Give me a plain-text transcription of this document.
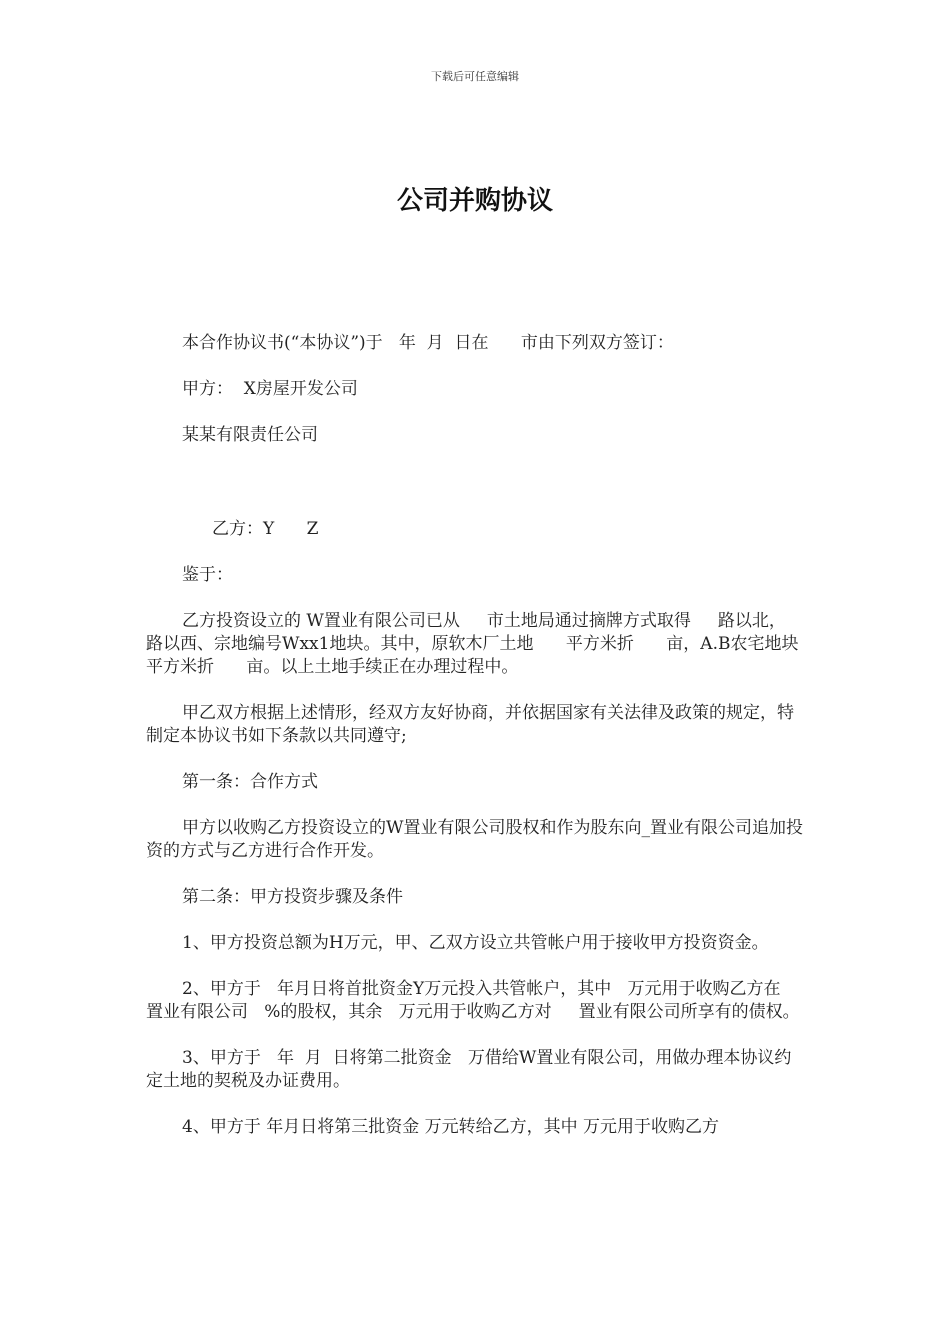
下载后可任意编辑
公司并购协议

本合作协议书(“本协议”)于   年  月  日在      市由下列双方签订：

甲方：  X房屋开发公司

某某有限责任公司

乙方：Y      Z

鉴于：

乙方投资设立的 W置业有限公司已从     市土地局通过摘牌方式取得     路以北，   路以西、宗地编号Wxx1地块。其中，原软木厂土地      平方米折      亩，A.B农宅地块   平方米折      亩。以上土地手续正在办理过程中。

甲乙双方根据上述情形，经双方友好协商，并依据国家有关法律及政策的规定，特制定本协议书如下条款以共同遵守;

第一条：合作方式

甲方以收购乙方投资设立的W置业有限公司股权和作为股东向_置业有限公司追加投资的方式与乙方进行合作开发。

第二条：甲方投资步骤及条件

1、甲方投资总额为H万元，甲、乙双方设立共管帐户用于接收甲方投资资金。

2、甲方于   年月日将首批资金Y万元投入共管帐户，其中   万元用于收购乙方在     置业有限公司   %的股权，其余   万元用于收购乙方对     置业有限公司所享有的债权。

3、甲方于   年  月  日将第二批资金   万借给W置业有限公司，用做办理本协议约定土地的契税及办证费用。

4、甲方于 年月日将第三批资金 万元转给乙方，其中 万元用于收购乙方
